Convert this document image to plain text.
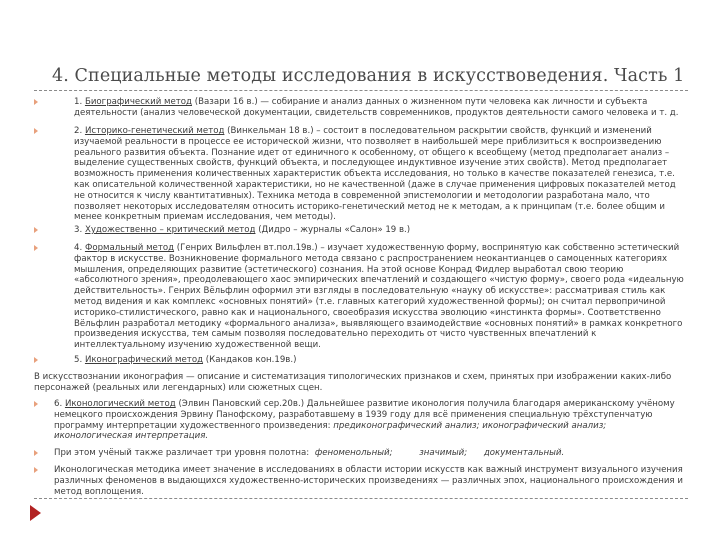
4. Специальные методы исследования в искусствоведения. Часть 1
1. Биографический метод (Вазари 16 в.) — собирание и анализ данных о жизненном пути человека как личности и субъекта деятельности (анализ человеческой документации, свидетельств современников, продуктов деятельности самого человека и т. д.
2. Историко-генетический метод (Винкельман 18 в.) – состоит в последовательном раскрытии свойств, функций и изменений изучаемой реальности в процессе ее исторической жизни, что позволяет в наибольшей мере приблизиться к воспроизведению реального развития объекта. Познание идет от единичного к особенному, от общего к всеобщему (метод предполагает анализ – выделение существенных свойств, функций объекта, и последующее индуктивное изучение этих свойств). Метод предполагает возможность применения количественных характеристик объекта исследования, но только в качестве показателей генезиса, т.е. как описательной количественной характеристики, но не качественной (даже в случае применения цифровых показателей метод не относится к числу квантитативных). Техника метода в современной эпистемологии и методологии разработана мало, что позволяет некоторых исследователям относить историко-генетический метод не к методам, а к принципам (т.е. более общим и менее конкретным приемам исследования, чем методы).
3. Художественно – критический метод (Дидро – журналы «Салон» 19 в.)
4. Формальный метод (Генрих Вильфлен вт.пол.19в.) – изучает художественную форму, воспринятую как собственно эстетический фактор в искусстве. Возникновение формального метода связано с распространением неокантианцев о самоценных категориях мышления, определяющих развитие (эстетического) сознания. На этой основе Конрад Фидлер выработал свою теорию «абсолютного зрения», преодолевающего хаос эмпирических впечатлений и создающего «чистую форму», своего рода «идеальную действительность». Генрих Вёльфлин оформил эти взгляды в последовательную «науку об искусстве»: рассматривая стиль как метод видения и как комплекс «основных понятий» (т.е. главных категорий художественной формы); он считал первопричиной историко-стилистического, равно как и национального, своеобразия искусства эволюцию «инстинкта формы». Соответственно Вёльфлин разработал методику «формального анализа», выявляющего взаимодействие «основных понятий» в рамках конкретного произведения искусства, тем самым позволяя последовательно переходить от чисто чувственных впечатлений к интеллектуальному изучению художественной вещи.
5. Иконографический метод (Кандаков кон.19в.)
В искусствознании иконография — описание и систематизация типологических признаков и схем, принятых при изображении каких-либо персонажей (реальных или легендарных) или сюжетных сцен.
6. Иконологический метод (Элвин Пановский сер.20в.) Дальнейшее развитие иконология получила благодаря американскому учёному немецкого происхождения Эрвину Панофскому, разработавшему в 1939 году для всё применения специальную трёхступенчатую программу интерпретации художественного произведения: предиконографический анализ; иконографический анализ; иконологическая интерпретация.
При этом учёный также различает три уровня полотна: феноменольный;	значимый; документальный.
Иконологическая методика имеет значение в исследованиях в области истории искусств как важный инструмент визуального изучения различных феноменов в выдающихся художественно-исторических произведениях — различных эпох, национального происхождения и метод воплощения.
